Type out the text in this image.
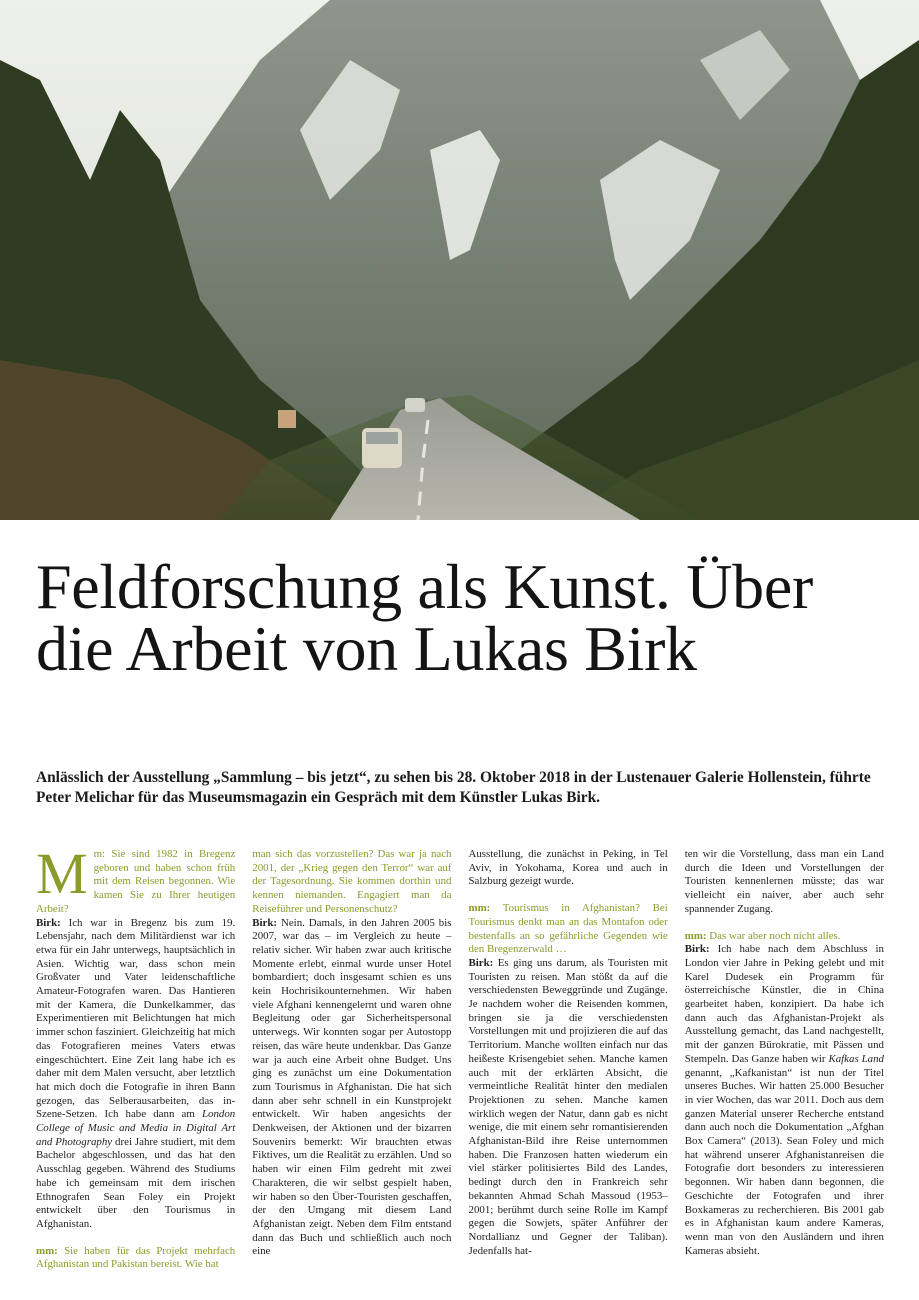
Feldforschung als Kunst. Über die Arbeit von Lukas Birk

Anlässlich der Ausstellung „Sammlung – bis jetzt“, zu sehen bis 28. Oktober 2018 in der Lustenauer Galerie Hollenstein, führte Peter Melichar für das Museumsmagazin ein Gespräch mit dem Künstler Lukas Birk.

Mm: Sie sind 1982 in Bregenz geboren und haben schon früh mit dem Reisen begonnen. Wie kamen Sie zu Ihrer heutigen Arbeit?
Birk: Ich war in Bregenz bis zum 19. Lebensjahr, nach dem Militärdienst war ich etwa für ein Jahr unterwegs, hauptsächlich in Asien. Wichtig war, dass schon mein Großvater und Vater leidenschaftliche Amateur-Fotografen waren. Das Hantieren mit der Kamera, die Dunkelkammer, das Experimentieren mit Belichtungen hat mich immer schon fasziniert. Gleichzeitig hat mich das Fotografieren meines Vaters etwas eingeschüchtert. Eine Zeit lang habe ich es daher mit dem Malen versucht, aber letztlich hat mich doch die Fotografie in ihren Bann gezogen, das Selberausarbeiten, das in-Szene-Setzen. Ich habe dann am London College of Music and Media in Digital Art and Photography drei Jahre studiert, mit dem Bachelor abgeschlossen, und das hat den Ausschlag gegeben. Während des Studiums habe ich gemeinsam mit dem irischen Ethnografen Sean Foley ein Projekt entwickelt über den Tourismus in Afghanistan.

mm: Sie haben für das Projekt mehrfach Afghanistan und Pakistan bereist. Wie hat

man sich das vorzustellen? Das war ja nach 2001, der „Krieg gegen den Terror“ war auf der Tagesordnung. Sie kommen dorthin und kennen niemanden. Engagiert man da Reiseführer und Personenschutz?
Birk: Nein. Damals, in den Jahren 2005 bis 2007, war das – im Vergleich zu heute – relativ sicher. Wir haben zwar auch kritische Momente erlebt, einmal wurde unser Hotel bombardiert; doch insgesamt schien es uns kein Hochrisikounternehmen. Wir haben viele Afghani kennengelernt und waren ohne Begleitung oder gar Sicherheitspersonal unterwegs. Wir konnten sogar per Autostopp reisen, das wäre heute undenkbar. Das Ganze war ja auch eine Arbeit ohne Budget. Uns ging es zunächst um eine Dokumentation zum Tourismus in Afghanistan. Die hat sich dann aber sehr schnell in ein Kunstprojekt entwickelt. Wir haben angesichts der Denkweisen, der Aktionen und der bizarren Souvenirs bemerkt: Wir brauchten etwas Fiktives, um die Realität zu erzählen. Und so haben wir einen Film gedreht mit zwei Charakteren, die wir selbst gespielt haben, wir haben so den Über-Touristen geschaffen, der den Umgang mit diesem Land Afghanistan zeigt. Neben dem Film entstand dann das Buch und schließlich auch noch eine

Ausstellung, die zunächst in Peking, in Tel Aviv, in Yokohama, Korea und auch in Salzburg gezeigt wurde.

mm: Tourismus in Afghanistan? Bei Tourismus denkt man an das Montafon oder bestenfalls an so gefährliche Gegenden wie den Bregenzerwald …
Birk: Es ging uns darum, als Touristen mit Touristen zu reisen. Man stößt da auf die verschiedensten Beweggründe und Zugänge. Je nachdem woher die Reisenden kommen, bringen sie ja die verschiedensten Vorstellungen mit und projizieren die auf das Territorium. Manche wollten einfach nur das heißeste Krisengebiet sehen. Manche kamen auch mit der erklärten Absicht, die vermeintliche Realität hinter den medialen Projektionen zu sehen. Manche kamen wirklich wegen der Natur, dann gab es nicht wenige, die mit einem sehr romantisierenden Afghanistan-Bild ihre Reise unternommen haben. Die Franzosen hatten wiederum ein viel stärker politisiertes Bild des Landes, bedingt durch den in Frankreich sehr bekannten Ahmad Schah Massoud (1953–2001; berühmt durch seine Rolle im Kampf gegen die Sowjets, später Anführer der Nordallianz und Gegner der Taliban). Jedenfalls hat-

ten wir die Vorstellung, dass man ein Land durch die Ideen und Vorstellungen der Touristen kennenlernen müsste; das war vielleicht ein naiver, aber auch sehr spannender Zugang.

mm: Das war aber noch nicht alles.
Birk: Ich habe nach dem Abschluss in London vier Jahre in Peking gelebt und mit Karel Dudesek ein Programm für österreichische Künstler, die in China gearbeitet haben, konzipiert. Da habe ich dann auch das Afghanistan-Projekt als Ausstellung gemacht, das Land nachgestellt, mit der ganzen Bürokratie, mit Pässen und Stempeln. Das Ganze haben wir Kafkas Land genannt, „Kafkanistan“ ist nun der Titel unseres Buches. Wir hatten 25.000 Besucher in vier Wochen, das war 2011. Doch aus dem ganzen Material unserer Recherche entstand dann auch noch die Dokumentation „Afghan Box Camera“ (2013). Sean Foley und mich hat während unserer Afghanistanreisen die Fotografie dort besonders zu interessieren begonnen. Wir haben dann begonnen, die Geschichte der Fotografen und ihrer Boxkameras zu recherchieren. Bis 2001 gab es in Afghanistan kaum andere Kameras, wenn man von den Ausländern und ihren Kameras absieht.
